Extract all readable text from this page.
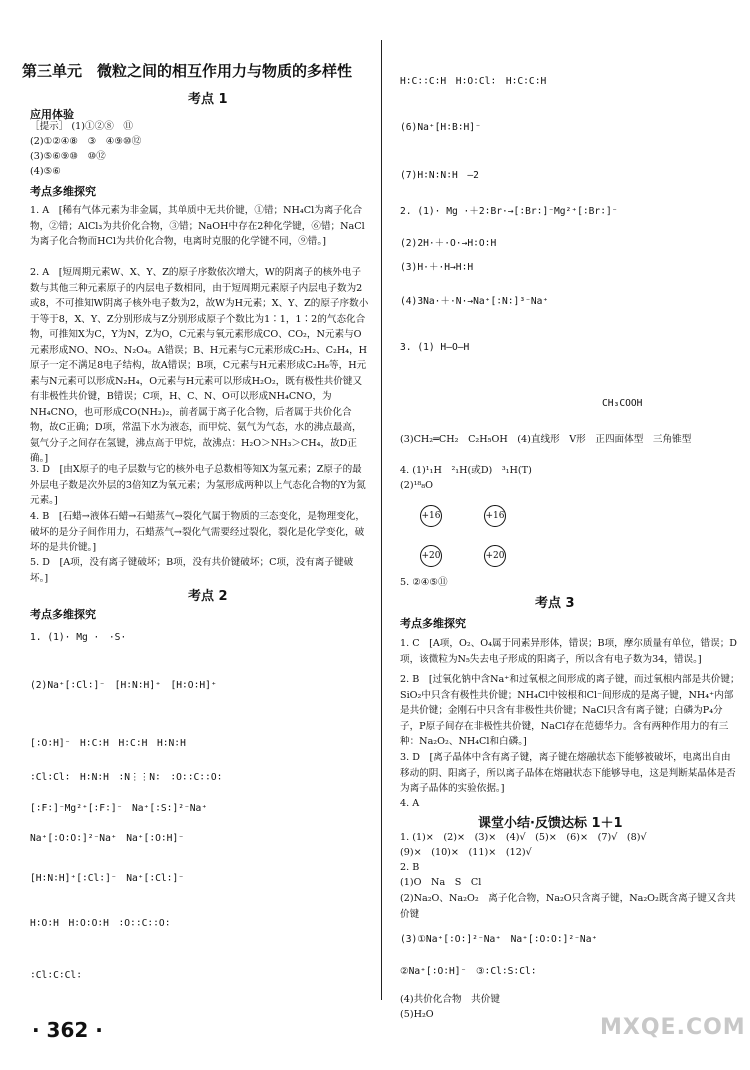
第三单元　微粒之间的相互作用力与物质的多样性
考点 1
应用体验
［提示］ (1)①②⑧　⑪
(2)①②④⑧　③　④⑨⑩⑫
(3)⑤⑥⑨⑩　⑩⑫
(4)⑤⑥
考点多维探究
1. A　[稀有气体元素为非金属，其单质中无共价键，①错；NH₄Cl为离子化合物，②错；AlCl₃为共价化合物，③错；NaOH中存在2种化学键，⑥错；NaCl为离子化合物而HCl为共价化合物，电离时克服的化学键不同，⑨错。]
2. A　[短周期元素W、X、Y、Z的原子序数依次增大，W的阴离子的核外电子数与其他三种元素原子的内层电子数相同，由于短周期元素原子内层电子数为2或8，不可推知W阴离子核外电子数为2，故W为H元素；X、Y、Z的原子序数小于等于8，X、Y、Z分别形成与Z分别形成原子个数比为1∶1，1∶2的气态化合物，可推知X为C，Y为N，Z为O，C元素与氧元素形成CO、CO₂，N元素与O元素形成NO、NO₂、N₂O₄。A错误；B、H元素与C元素形成C₂H₂、C₂H₄，H原子一定不满足8电子结构，故A错误；B项，C元素与H元素形成C₂H₆等，H元素与N元素可以形成N₂H₄，O元素与H元素可以形成H₂O₂，既有极性共价键又有非极性共价键，B错误；C项，H、C、N、O可以形成NH₄CNO，为NH₄CNO，也可形成CO(NH₂)₂，前者属于离子化合物，后者属于共价化合物，故C正确；D项，常温下水为液态，而甲烷、氨气为气态，水的沸点最高，氨气分子之间存在氢键，沸点高于甲烷，故沸点：H₂O＞NH₃＞CH₄，故D正确。]
3. D　[由X原子的电子层数与它的核外电子总数相等知X为氢元素；Z原子的最外层电子数是次外层的3倍知Z为氧元素；为氢形成两种以上气态化合物的Y为氮元素。]
4. B　[石蜡→液体石蜡→石蜡蒸气→裂化气属于物质的三态变化，是物理变化，破坏的是分子间作用力，石蜡蒸气→裂化气需要经过裂化，裂化是化学变化，破坏的是共价键。]
5. D　[A项，没有离子键破坏；B项，没有共价键破坏；C项，没有离子键破坏。]
考点 2
考点多维探究
1. (1)· Mg ·　·S·
(2)Na⁺[∶Cl∶]⁻　[H∶N∶H]⁺　[H∶O∶H]⁺
[∶O∶H]⁻　H∶C∶H　H∶C∶H　H∶N∶H
∶Cl∶Cl∶　H∶N∶H　∶N⋮⋮N∶　∶O∶∶C∶∶O∶
[∶F∶]⁻Mg²⁺[∶F∶]⁻　Na⁺[∶S∶]²⁻Na⁺
Na⁺[∶O∶O∶]²⁻Na⁺　Na⁺[∶O∶H]⁻
[H∶N∶H]⁺[∶Cl∶]⁻　Na⁺[∶Cl∶]⁻
H∶O∶H　H∶O∶O∶H　∶O∶∶C∶∶O∶
∶Cl∶C∶Cl∶
· 362 ·
H∶C∶∶C∶H　H∶O∶Cl∶　H∶C∶C∶H
(6)Na⁺[H∶B∶H]⁻
(7)H∶N∶N∶H　—2
2. (1)· Mg ·＋2∶Br·→[∶Br∶]⁻Mg²⁺[∶Br∶]⁻
(2)2H·＋·O·→H∶O∶H
(3)H·＋·H→H∶H
(4)3Na·＋·N·→Na⁺[∶N∶]³⁻Na⁺
3. (1) H—O—H
CH₃COOH
(3)CH₂═CH₂　C₂H₅OH　(4)直线形　V形　正四面体型　三角锥型
4. (1)¹₁H　²₁H(或D)　³₁H(T)
(2)¹⁸₈O
+16	+16
+20	+20
5. ②④⑤⑪
考点 3
考点多维探究
1. C　[A项，O₂、O₄属于同素异形体，错误；B项，摩尔质量有单位，错误；D项，该微粒为N₅失去电子形成的阳离子，所以含有电子数为34，错误。]
2. B　[过氧化钠中含Na⁺和过氧根之间形成的离子键，而过氧根内部是共价键；SiO₂中只含有极性共价键；NH₄Cl中铵根和Cl⁻间形成的是离子键，NH₄⁺内部是共价键；金刚石中只含有非极性共价键；NaCl只含有离子键；白磷为P₄分子，P原子间存在非极性共价键，NaCl存在范德华力。含有两种作用力的有三种：Na₂O₂、NH₄Cl和白磷。]
3. D　[离子晶体中含有离子键，离子键在熔融状态下能够被破坏，电离出自由移动的阴、阳离子，所以离子晶体在熔融状态下能够导电，这是判断某晶体是否为离子晶体的实验依据。]
4. A
课堂小结·反馈达标 1＋1
1. (1)×　(2)×　(3)×　(4)√　(5)×　(6)×　(7)√　(8)√
(9)×　(10)×　(11)×　(12)√
2. B
(1)O　Na　S　Cl
(2)Na₂O、Na₂O₂　离子化合物，Na₂O只含离子键，Na₂O₂既含离子键又含共价键
(3)①Na⁺[∶O∶]²⁻Na⁺　Na⁺[∶O∶O∶]²⁻Na⁺
②Na⁺[∶O∶H]⁻　③∶Cl∶S∶Cl∶
(4)共价化合物　共价键
(5)H₂O
MXQE.COM
